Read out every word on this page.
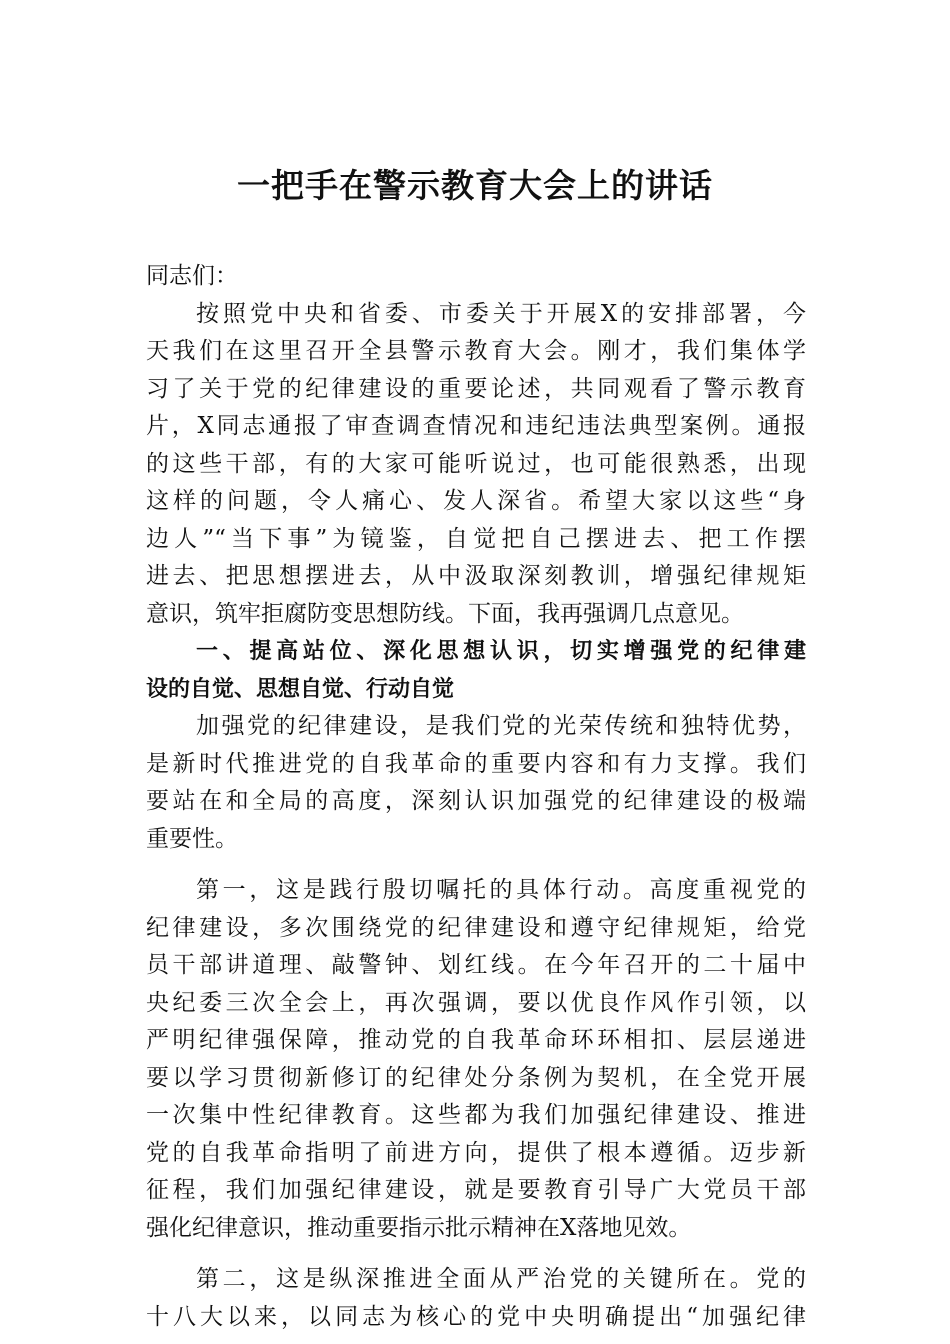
一把手在警示教育大会上的讲话
同志们：
按照党中央和省委、市委关于开展X的安排部署，今
天我们在这里召开全县警示教育大会。刚才，我们集体学
习了关于党的纪律建设的重要论述，共同观看了警示教育
片，X同志通报了审查调查情况和违纪违法典型案例。通报
的这些干部，有的大家可能听说过，也可能很熟悉，出现
这样的问题，令人痛心、发人深省。希望大家以这些“身
边人”“当下事”为镜鉴，自觉把自己摆进去、把工作摆
进去、把思想摆进去，从中汲取深刻教训，增强纪律规矩
意识，筑牢拒腐防变思想防线。下面，我再强调几点意见。
一、提高站位、深化思想认识，切实增强党的纪律建
设的自觉、思想自觉、行动自觉
加强党的纪律建设，是我们党的光荣传统和独特优势，
是新时代推进党的自我革命的重要内容和有力支撑。我们
要站在和全局的高度，深刻认识加强党的纪律建设的极端
重要性。
第一，这是践行殷切嘱托的具体行动。高度重视党的
纪律建设，多次围绕党的纪律建设和遵守纪律规矩，给党
员干部讲道理、敲警钟、划红线。在今年召开的二十届中
央纪委三次全会上，再次强调，要以优良作风作引领，以
严明纪律强保障，推动党的自我革命环环相扣、层层递进
要以学习贯彻新修订的纪律处分条例为契机，在全党开展
一次集中性纪律教育。这些都为我们加强纪律建设、推进
党的自我革命指明了前进方向，提供了根本遵循。迈步新
征程，我们加强纪律建设，就是要教育引导广大党员干部
强化纪律意识，推动重要指示批示精神在X落地见效。
第二，这是纵深推进全面从严治党的关键所在。党的
十八大以来，以同志为核心的党中央明确提出“加强纪律
